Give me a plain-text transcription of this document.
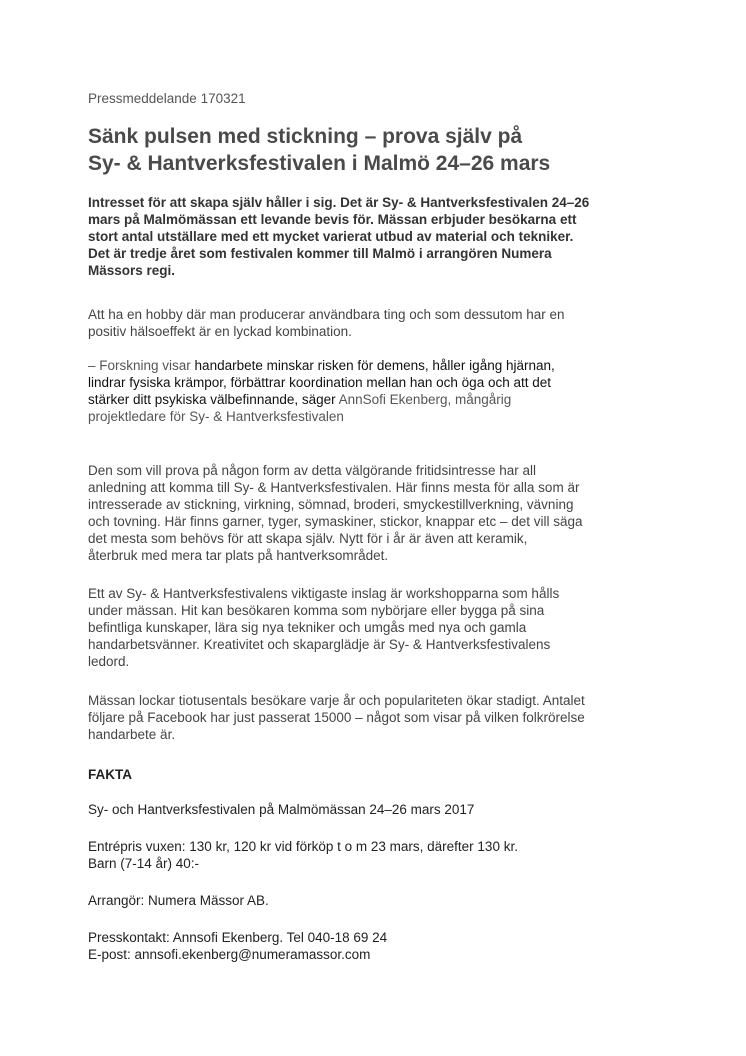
Pressmeddelande 170321
Sänk pulsen med stickning – prova själv på
Sy- & Hantverksfestivalen i Malmö 24–26 mars

Intresset för att skapa själv håller i sig. Det är Sy- & Hantverksfestivalen 24–26
mars på Malmömässan ett levande bevis för. Mässan erbjuder besökarna ett
stort antal utställare med ett mycket varierat utbud av material och tekniker.
Det är tredje året som festivalen kommer till Malmö i arrangören Numera
Mässors regi.

Att ha en hobby där man producerar användbara ting och som dessutom har en
positiv hälsoeffekt är en lyckad kombination.

– Forskning visar handarbete minskar risken för demens, håller igång hjärnan,
lindrar fysiska krämpor, förbättrar koordination mellan han och öga och att det
stärker ditt psykiska välbefinnande, säger AnnSofi Ekenberg, mångårig
projektledare för Sy- & Hantverksfestivalen

Den som vill prova på någon form av detta välgörande fritidsintresse har all
anledning att komma till Sy- & Hantverksfestivalen. Här finns mesta för alla som är
intresserade av stickning, virkning, sömnad, broderi, smyckestillverkning, vävning
och tovning. Här finns garner, tyger, symaskiner, stickor, knappar etc – det vill säga
det mesta som behövs för att skapa själv. Nytt för i år är även att keramik,
återbruk med mera tar plats på hantverksområdet.

Ett av Sy- & Hantverksfestivalens viktigaste inslag är workshopparna som hålls
under mässan. Hit kan besökaren komma som nybörjare eller bygga på sina
befintliga kunskaper, lära sig nya tekniker och umgås med nya och gamla
handarbetsvänner. Kreativitet och skaparglädje är Sy- & Hantverksfestivalens
ledord.

Mässan lockar tiotusentals besökare varje år och populariteten ökar stadigt. Antalet
följare på Facebook har just passerat 15000 – något som visar på vilken folkrörelse
handarbete är.

FAKTA

Sy- och Hantverksfestivalen på Malmömässan 24–26 mars 2017

Entrépris vuxen: 130 kr, 120 kr vid förköp t o m 23 mars, därefter 130 kr.
Barn (7-14 år) 40:-

Arrangör: Numera Mässor AB.

Presskontakt: Annsofi Ekenberg. Tel 040-18 69 24
E-post: annsofi.ekenberg@numeramassor.com
